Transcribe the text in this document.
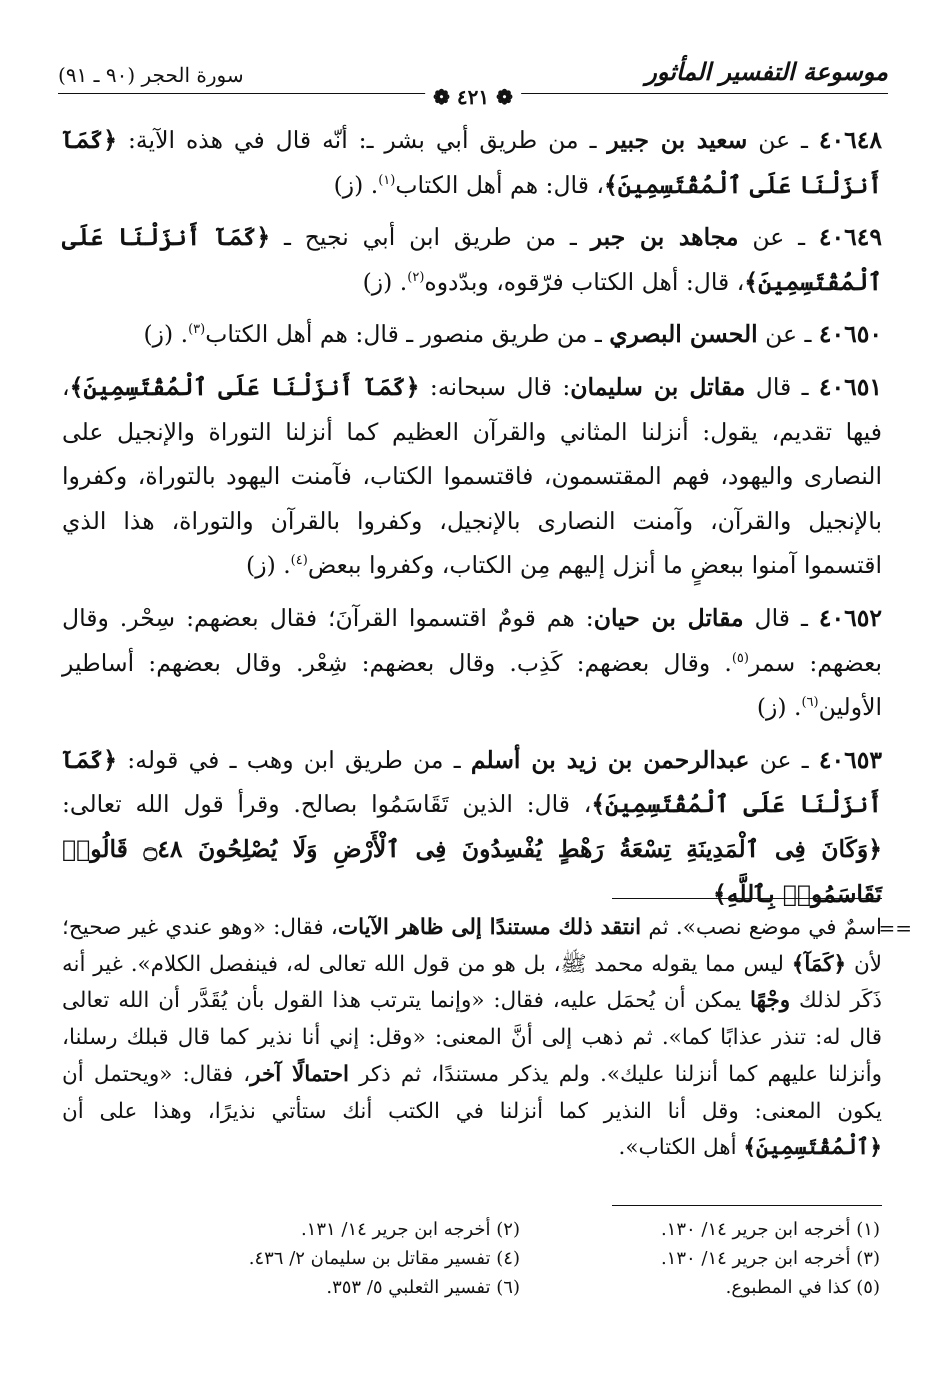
موسوعة التفسير المأثور
سورة الحجر (٩٠ ـ ٩١)
❁ ٤٢١ ❁

٤٠٦٤٨ ـ عن سعيد بن جبير ـ من طريق أبي بشر ـ: أنّه قال في هذه الآية: ﴿كَمَآ أَنزَلْنَا عَلَى ٱلْمُقْتَسِمِينَ﴾، قال: هم أهل الكتاب$^{(١)}$. (ز)

٤٠٦٤٩ ـ عن مجاهد بن جبر ـ من طريق ابن أبي نجيح ـ ﴿كَمَآ أَنزَلْنَا عَلَى ٱلْمُقْتَسِمِينَ﴾، قال: أهل الكتاب فرّقوه، وبدّدوه$^{(٢)}$. (ز)

٤٠٦٥٠ ـ عن الحسن البصري ـ من طريق منصور ـ قال: هم أهل الكتاب$^{(٣)}$. (ز)

٤٠٦٥١ ـ قال مقاتل بن سليمان: قال سبحانه: ﴿كَمَآ أَنزَلْنَا عَلَى ٱلْمُقْتَسِمِينَ﴾، فيها تقديم، يقول: أنزلنا المثاني والقرآن العظيم كما أنزلنا التوراة والإنجيل على النصارى واليهود، فهم المقتسمون، فاقتسموا الكتاب، فآمنت اليهود بالتوراة، وكفروا بالإنجيل والقرآن، وآمنت النصارى بالإنجيل، وكفروا بالقرآن والتوراة، هذا الذي اقتسموا آمنوا ببعضٍ ما أنزل إليهم مِن الكتاب، وكفروا ببعض$^{(٤)}$. (ز)

٤٠٦٥٢ ـ قال مقاتل بن حيان: هم قومٌ اقتسموا القرآنَ؛ فقال بعضهم: سِحْر. وقال بعضهم: سمر$^{(٥)}$. وقال بعضهم: كَذِب. وقال بعضهم: شِعْر. وقال بعضهم: أساطير الأولين$^{(٦)}$. (ز)

٤٠٦٥٣ ـ عن عبدالرحمن بن زيد بن أسلم ـ من طريق ابن وهب ـ في قوله: ﴿كَمَآ أَنزَلْنَا عَلَى ٱلْمُقْتَسِمِينَ﴾، قال: الذين تَقَاسَمُوا بصالح. وقرأ قول الله تعالى: ﴿وَكَانَ فِى ٱلْمَدِينَةِ تِسْعَةُ رَهْطٍ يُفْسِدُونَ فِى ٱلْأَرْضِ وَلَا يُصْلِحُونَ ۝٤٨ قَالُوا۟ تَقَاسَمُوا۟ بِٱللَّهِ﴾

==
اسمٌ في موضع نصب». ثم انتقد ذلك مستندًا إلى ظاهر الآيات، فقال: «وهو عندي غير صحيح؛ لأن ﴿كَمَآ﴾ ليس مما يقوله محمد ﷺ، بل هو من قول الله تعالى له، فينفصل الكلام». غير أنه ذَكَر لذلك وجْهًا يمكن أن يُحمَل عليه، فقال: «وإنما يترتب هذا القول بأن يُقَدَّر أن الله تعالى قال له: تنذر عذابًا كما». ثم ذهب إلى أنَّ المعنى: «وقل: إني أنا نذير كما قال قبلك رسلنا، وأنزلنا عليهم كما أنزلنا عليك». ولم يذكر مستندًا، ثم ذكر احتمالًا آخر، فقال: «ويحتمل أن يكون المعنى: وقل أنا النذير كما أنزلنا في الكتب أنك ستأتي نذيرًا، وهذا على أن ﴿ٱلْمُقْتَسِمِينَ﴾ أهل الكتاب».
(١) أخرجه ابن جرير ١٤/ ١٣٠.
(٢) أخرجه ابن جرير ١٤/ ١٣١.
(٣) أخرجه ابن جرير ١٤/ ١٣٠.
(٤) تفسير مقاتل بن سليمان ٢/ ٤٣٦.
(٥) كذا في المطبوع.
(٦) تفسير الثعلبي ٥/ ٣٥٣.
